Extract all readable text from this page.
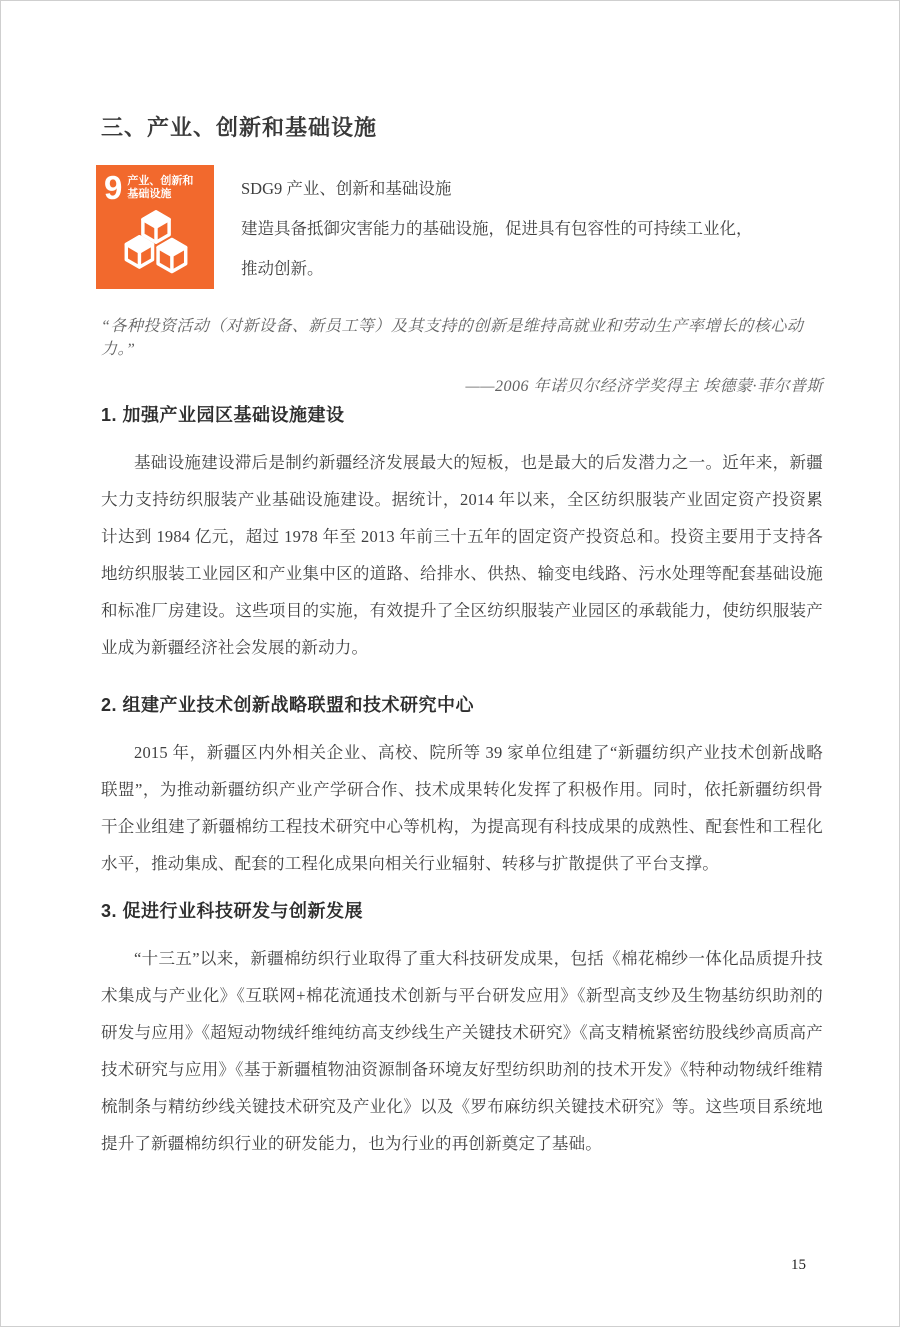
三、产业、创新和基础设施
9 产业、创新和
基础设施	SDG9 产业、创新和基础设施

建造具备抵御灾害能力的基础设施，促进具有包容性的可持续工业化，

推动创新。

“各种投资活动（对新设备、新员工等）及其支持的创新是维持高就业和劳动生产率增长的核心动力。”

——2006 年诺贝尔经济学奖得主 埃德蒙·菲尔普斯

1. 加强产业园区基础设施建设

基础设施建设滞后是制约新疆经济发展最大的短板，也是最大的后发潜力之一。近年来，新疆大力支持纺织服装产业基础设施建设。据统计，2014 年以来，全区纺织服装产业固定资产投资累计达到 1984 亿元，超过 1978 年至 2013 年前三十五年的固定资产投资总和。投资主要用于支持各地纺织服装工业园区和产业集中区的道路、给排水、供热、输变电线路、污水处理等配套基础设施和标准厂房建设。这些项目的实施，有效提升了全区纺织服装产业园区的承载能力，使纺织服装产业成为新疆经济社会发展的新动力。

2. 组建产业技术创新战略联盟和技术研究中心

2015 年，新疆区内外相关企业、高校、院所等 39 家单位组建了“新疆纺织产业技术创新战略联盟”，为推动新疆纺织产业产学研合作、技术成果转化发挥了积极作用。同时，依托新疆纺织骨干企业组建了新疆棉纺工程技术研究中心等机构，为提高现有科技成果的成熟性、配套性和工程化水平，推动集成、配套的工程化成果向相关行业辐射、转移与扩散提供了平台支撑。

3. 促进行业科技研发与创新发展

“十三五”以来，新疆棉纺织行业取得了重大科技研发成果，包括《棉花棉纱一体化品质提升技术集成与产业化》《互联网+棉花流通技术创新与平台研发应用》《新型高支纱及生物基纺织助剂的研发与应用》《超短动物绒纤维纯纺高支纱线生产关键技术研究》《高支精梳紧密纺股线纱高质高产技术研究与应用》《基于新疆植物油资源制备环境友好型纺织助剂的技术开发》《特种动物绒纤维精梳制条与精纺纱线关键技术研究及产业化》以及《罗布麻纺织关键技术研究》等。这些项目系统地提升了新疆棉纺织行业的研发能力，也为行业的再创新奠定了基础。

15
